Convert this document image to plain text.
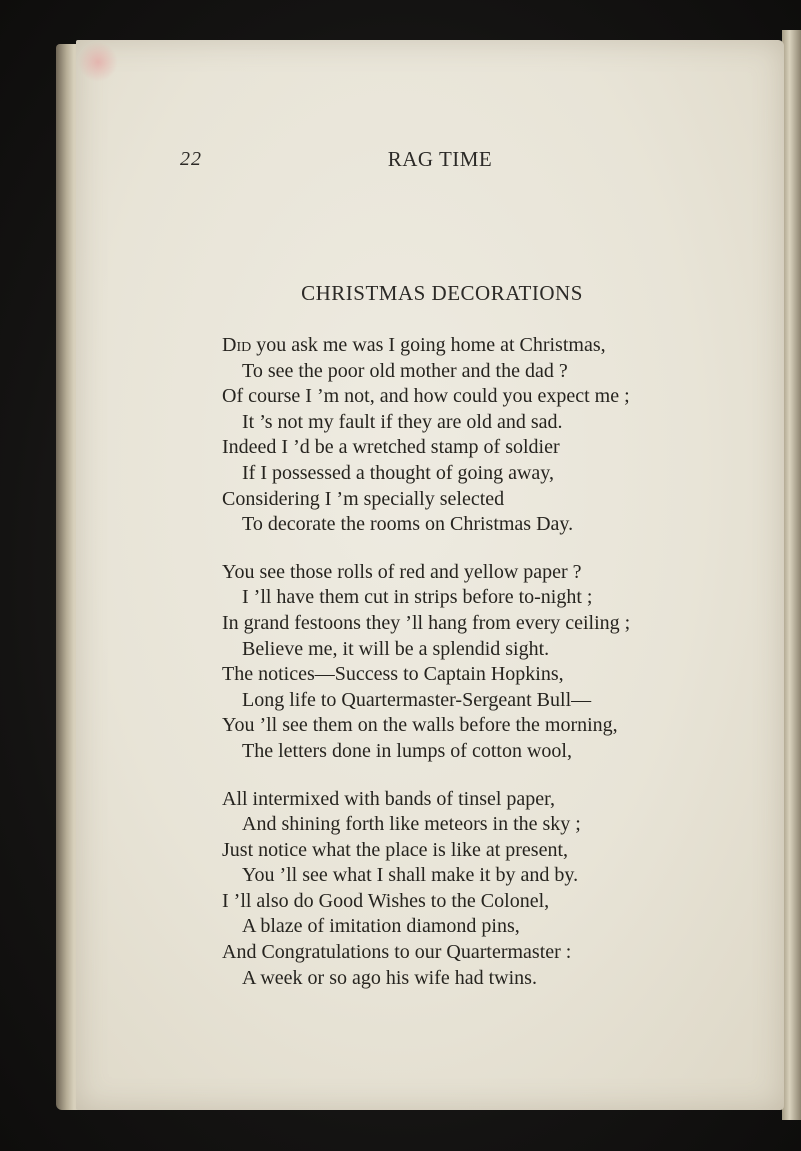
22	RAG TIME
CHRISTMAS DECORATIONS
Did you ask me was I going home at Christmas,
To see the poor old mother and the dad ?
Of course I ’m not, and how could you expect me ;
It ’s not my fault if they are old and sad.
Indeed I ’d be a wretched stamp of soldier
If I possessed a thought of going away,
Considering I ’m specially selected
To decorate the rooms on Christmas Day.
You see those rolls of red and yellow paper ?
I ’ll have them cut in strips before to-night ;
In grand festoons they ’ll hang from every ceiling ;
Believe me, it will be a splendid sight.
The notices—Success to Captain Hopkins,
Long life to Quartermaster-Sergeant Bull—
You ’ll see them on the walls before the morning,
The letters done in lumps of cotton wool,
All intermixed with bands of tinsel paper,
And shining forth like meteors in the sky ;
Just notice what the place is like at present,
You ’ll see what I shall make it by and by.
I ’ll also do Good Wishes to the Colonel,
A blaze of imitation diamond pins,
And Congratulations to our Quartermaster :
A week or so ago his wife had twins.
